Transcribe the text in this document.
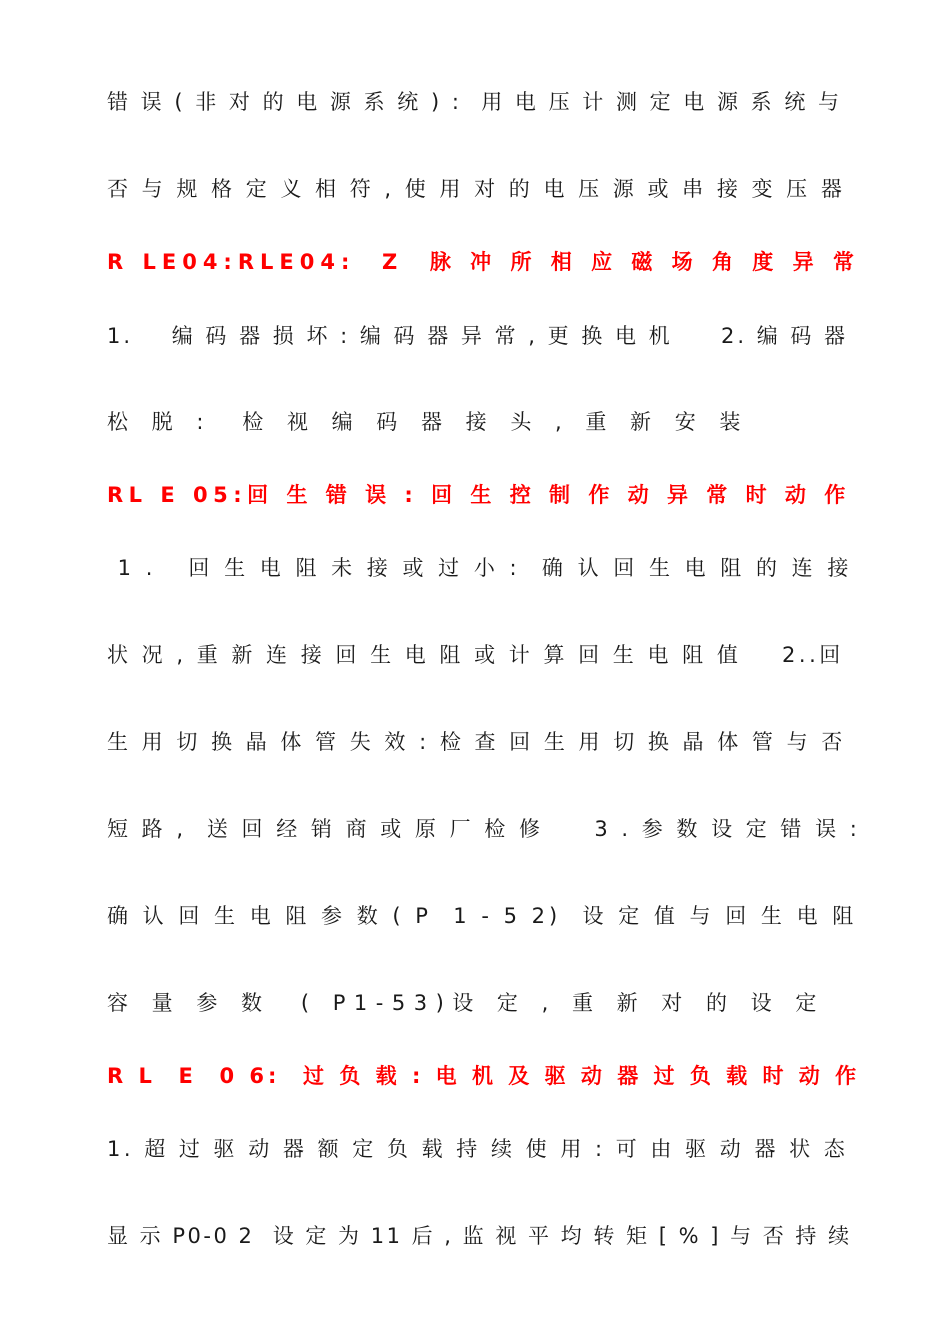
错 误 ( 非 对 的 电 源 系 统 ) :  用 电 压 计 测 定 电 源 系 统 与
否 与 规 格 定 义 相 符 , 使 用 对 的 电 压 源 或 串 接 变 压 器
R LE04:RLE04:  Z  脉 冲 所 相 应 磁 场 角 度 异 常
1.    编 码 器 损 坏 : 编 码 器 异 常 , 更 换 电 机     2. 编 码 器
松 脱 :  检 视 编 码 器 接 头 , 重 新 安 装
RL E 05:回 生 错 误 : 回 生 控 制 作 动 异 常 时 动 作
1 .   回 生 电 阻 未 接 或 过 小 :  确 认 回 生 电 阻 的 连 接
状 况 , 重 新 连 接 回 生 电 阻 或 计 算 回 生 电 阻 值    2..回
生 用 切 换 晶 体 管 失 效 : 检 查 回 生 用 切 换 晶 体 管 与 否
短 路 ,  送 回 经 销 商 或 原 厂 检 修     3 . 参 数 设 定 错 误 :
确 认 回 生 电 阻 参 数 ( P  1 - 5 2)  设 定 值 与 回 生 电 阻
容 量 参 数  ( P1-53)设 定 , 重 新 对 的 设 定
R L  E  0 6:  过 负 载 : 电 机 及 驱 动 器 过 负 载 时 动 作
1. 超 过 驱 动 器 额 定 负 载 持 续 使 用 : 可 由 驱 动 器 状 态
显 示 P0-0 2  设 定 为 11 后 , 监 视 平 均 转 矩 [ % ] 与 否 持 续
